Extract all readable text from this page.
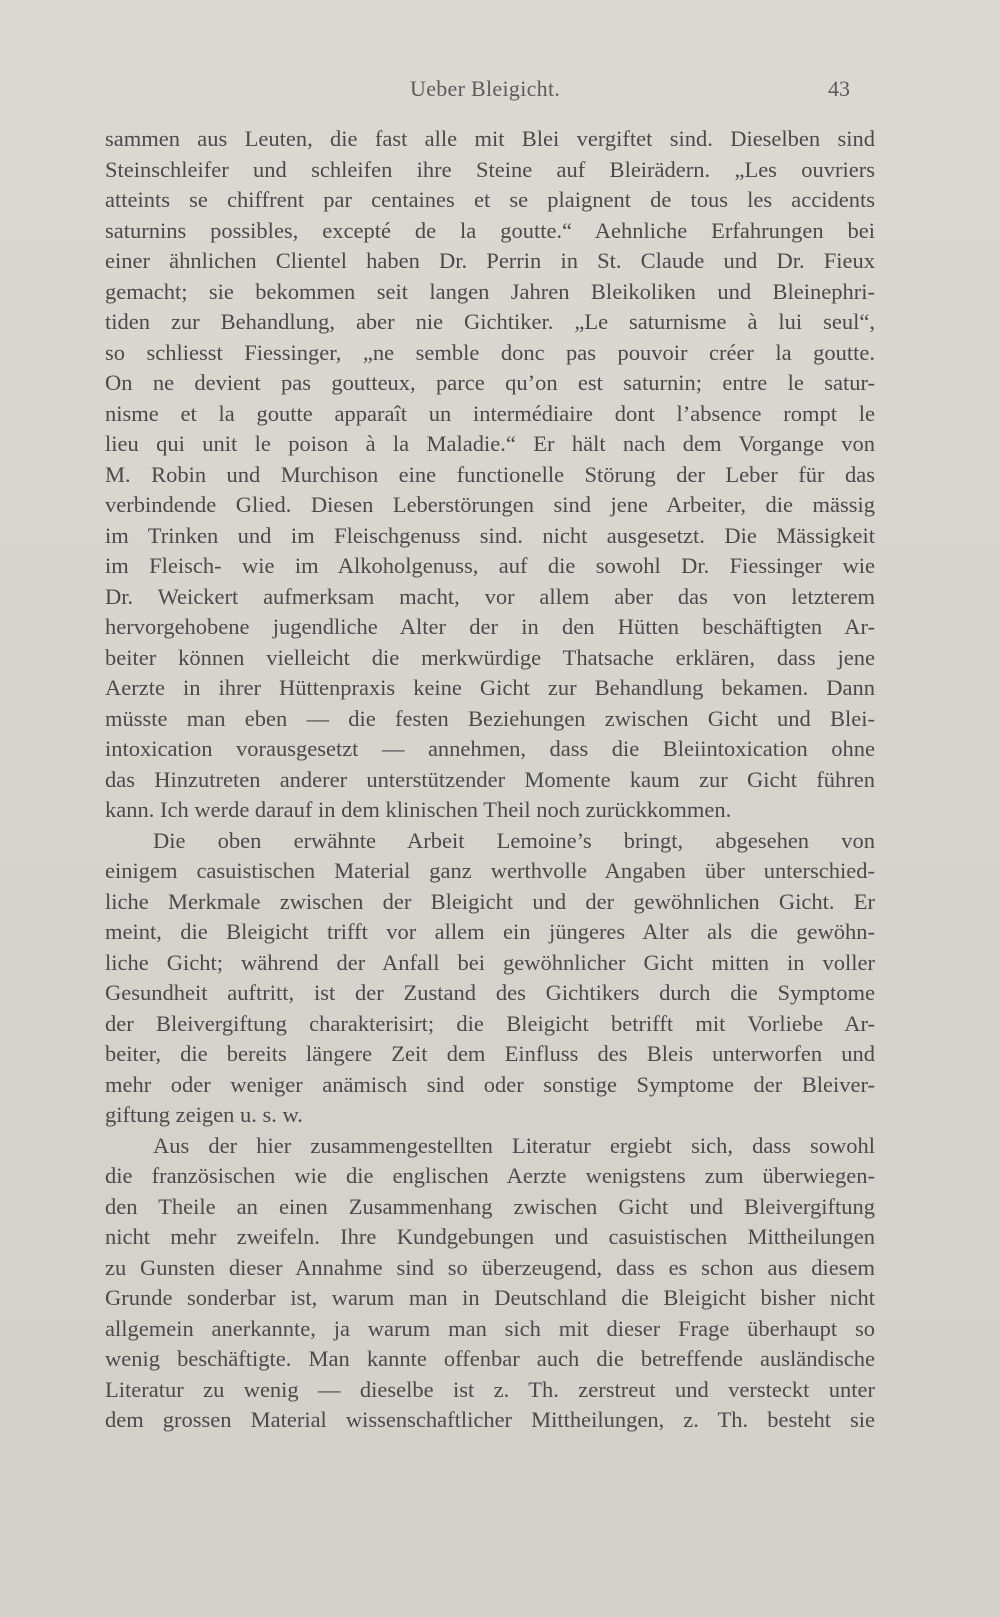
Ueber Bleigicht.	43
sammen aus Leuten, die fast alle mit Blei vergiftet sind. Dieselben sind
Steinschleifer und schleifen ihre Steine auf Bleirädern. „Les ouvriers
atteints se chiffrent par centaines et se plaignent de tous les accidents
saturnins possibles, excepté de la goutte.“ Aehnliche Erfahrungen bei
einer ähnlichen Clientel haben Dr. Perrin in St. Claude und Dr. Fieux
gemacht; sie bekommen seit langen Jahren Bleikoliken und Bleinephri-
tiden zur Behandlung, aber nie Gichtiker. „Le saturnisme à lui seul“,
so schliesst Fiessinger, „ne semble donc pas pouvoir créer la goutte.
On ne devient pas goutteux, parce qu’on est saturnin; entre le satur-
nisme et la goutte apparaît un intermédiaire dont l’absence rompt le
lieu qui unit le poison à la Maladie.“ Er hält nach dem Vorgange von
M. Robin und Murchison eine functionelle Störung der Leber für das
verbindende Glied. Diesen Leberstörungen sind jene Arbeiter, die mässig
im Trinken und im Fleischgenuss sind. nicht ausgesetzt. Die Mässigkeit
im Fleisch- wie im Alkoholgenuss, auf die sowohl Dr. Fiessinger wie
Dr. Weickert aufmerksam macht, vor allem aber das von letzterem
hervorgehobene jugendliche Alter der in den Hütten beschäftigten Ar-
beiter können vielleicht die merkwürdige Thatsache erklären, dass jene
Aerzte in ihrer Hüttenpraxis keine Gicht zur Behandlung bekamen. Dann
müsste man eben — die festen Beziehungen zwischen Gicht und Blei-
intoxication vorausgesetzt — annehmen, dass die Bleiintoxication ohne
das Hinzutreten anderer unterstützender Momente kaum zur Gicht führen
kann. Ich werde darauf in dem klinischen Theil noch zurückkommen.
Die oben erwähnte Arbeit Lemoine’s bringt, abgesehen von
einigem casuistischen Material ganz werthvolle Angaben über unterschied-
liche Merkmale zwischen der Bleigicht und der gewöhnlichen Gicht. Er
meint, die Bleigicht trifft vor allem ein jüngeres Alter als die gewöhn-
liche Gicht; während der Anfall bei gewöhnlicher Gicht mitten in voller
Gesundheit auftritt, ist der Zustand des Gichtikers durch die Symptome
der Bleivergiftung charakterisirt; die Bleigicht betrifft mit Vorliebe Ar-
beiter, die bereits längere Zeit dem Einfluss des Bleis unterworfen und
mehr oder weniger anämisch sind oder sonstige Symptome der Bleiver-
giftung zeigen u. s. w.
Aus der hier zusammengestellten Literatur ergiebt sich, dass sowohl
die französischen wie die englischen Aerzte wenigstens zum überwiegen-
den Theile an einen Zusammenhang zwischen Gicht und Bleivergiftung
nicht mehr zweifeln. Ihre Kundgebungen und casuistischen Mittheilungen
zu Gunsten dieser Annahme sind so überzeugend, dass es schon aus diesem
Grunde sonderbar ist, warum man in Deutschland die Bleigicht bisher nicht
allgemein anerkannte, ja warum man sich mit dieser Frage überhaupt so
wenig beschäftigte. Man kannte offenbar auch die betreffende ausländische
Literatur zu wenig — dieselbe ist z. Th. zerstreut und versteckt unter
dem grossen Material wissenschaftlicher Mittheilungen, z. Th. besteht sie
